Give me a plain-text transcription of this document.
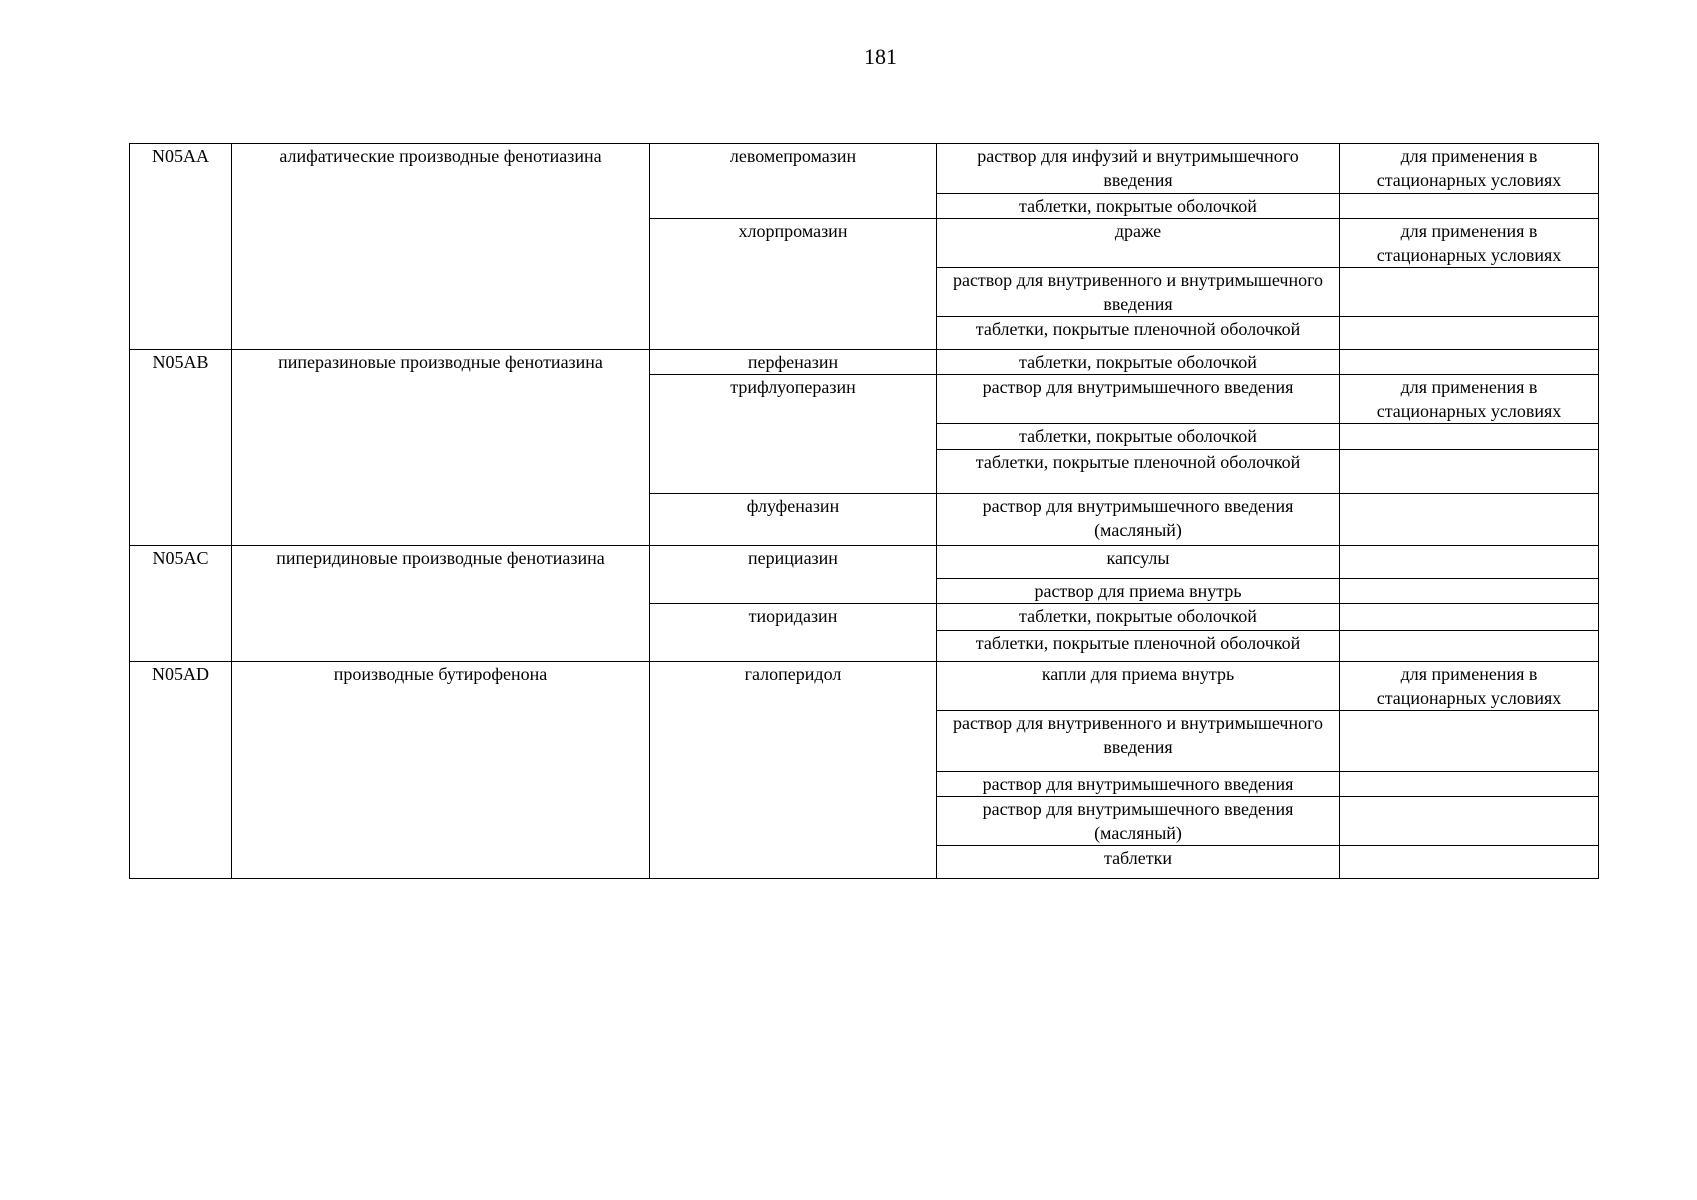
181
N05AA	алифатические производные фенотиазина	левомепромазин	раствор для инфузий и внутримышечного введения	для применения в стационарных условиях
			таблетки, покрытые оболочкой	
		хлорпромазин	драже	для применения в стационарных условиях
			раствор для внутривенного и внутримышечного введения	
			таблетки, покрытые пленочной оболочкой	
N05AB	пиперазиновые производные фенотиазина	перфеназин	таблетки, покрытые оболочкой	
		трифлуоперазин	раствор для внутримышечного введения	для применения в стационарных условиях
			таблетки, покрытые оболочкой	
			таблетки, покрытые пленочной оболочкой	
		флуфеназин	раствор для внутримышечного введения (масляный)	
N05AC	пиперидиновые производные фенотиазина	перициазин	капсулы	
			раствор для приема внутрь	
		тиоридазин	таблетки, покрытые оболочкой	
			таблетки, покрытые пленочной оболочкой	
N05AD	производные бутирофенона	галоперидол	капли для приема внутрь	для применения в стационарных условиях
			раствор для внутривенного и внутримышечного введения	
			раствор для внутримышечного введения	
			раствор для внутримышечного введения (масляный)	
			таблетки	
